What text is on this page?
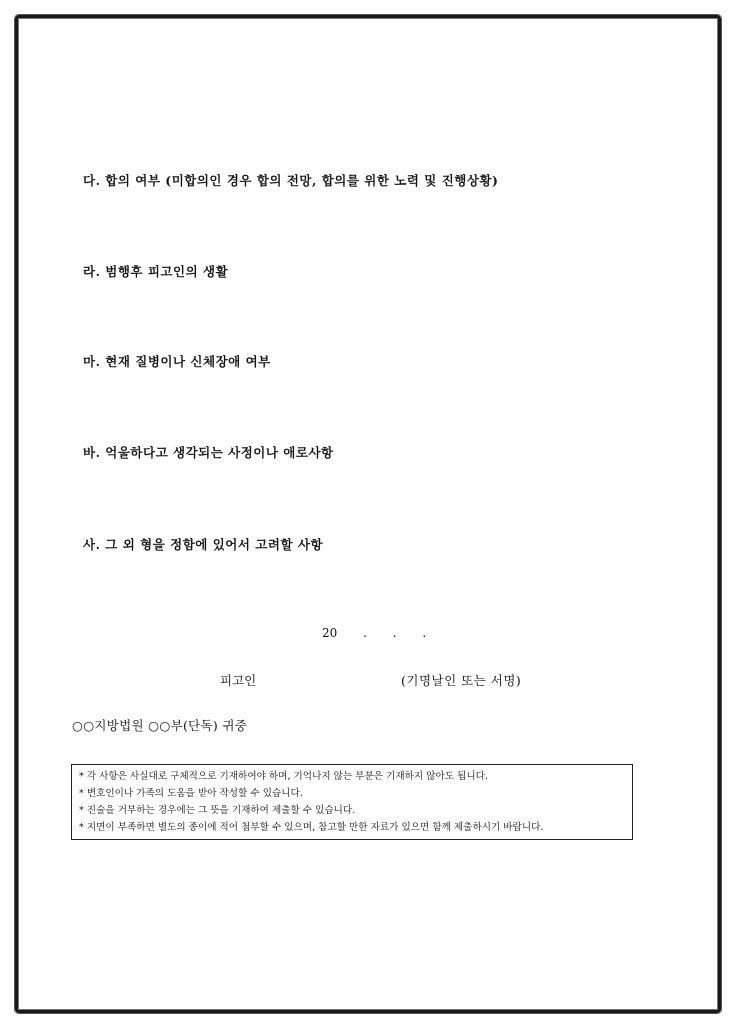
다. 합의 여부 (미합의인 경우 합의 전망, 합의를 위한 노력 및 진행상황)
라. 범행후 피고인의 생활
마. 현재 질병이나 신체장애 여부
바. 억울하다고 생각되는 사정이나 애로사항
사. 그 외 형을 정함에 있어서 고려할 사항
20 . . .
피고인	(기명날인 또는 서명)
○○지방법원 ○○부(단독) 귀중
* 각 사항은 사실대로 구체적으로 기재하여야 하며, 기억나지 않는 부분은 기재하지 않아도 됩니다.
* 변호인이나 가족의 도움을 받아 작성할 수 있습니다.
* 진술을 거부하는 경우에는 그 뜻을 기재하여 제출할 수 있습니다.
* 지면이 부족하면 별도의 종이에 적어 첨부할 수 있으며, 참고할 만한 자료가 있으면 함께 제출하시기 바랍니다.
